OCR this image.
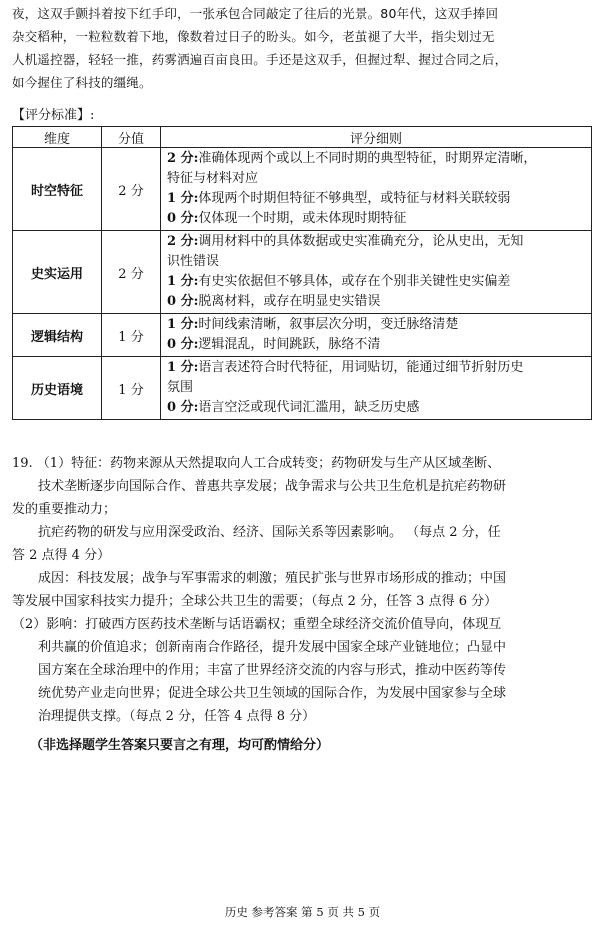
夜，这双手颤抖着按下红手印，一张承包合同敲定了往后的光景。80年代，这双手捧回
杂交稻种，一粒粒数着下地，像数着过日子的盼头。如今，老茧褪了大半，指尖划过无
人机遥控器，轻轻一推，药雾洒遍百亩良田。手还是这双手，但握过犁、握过合同之后，
如今握住了科技的缰绳。
【评分标准】:
维度	分值	评分细则
时空特征	2 分	2 分:准确体现两个或以上不同时期的典型特征，时期界定清晰，
特征与材料对应
1 分:体现两个时期但特征不够典型，或特征与材料关联较弱
0 分:仅体现一个时期，或未体现时期特征

史实运用	2 分	2 分:调用材料中的具体数据或史实准确充分，论从史出，无知
识性错误
1 分:有史实依据但不够具体，或存在个别非关键性史实偏差
0 分:脱离材料，或存在明显史实错误

逻辑结构	1 分	1 分:时间线索清晰，叙事层次分明，变迁脉络清楚
0 分:逻辑混乱，时间跳跃，脉络不清

历史语境	1 分	1 分:语言表述符合时代特征，用词贴切，能通过细节折射历史
氛围
0 分:语言空泛或现代词汇滥用，缺乏历史感

19. （1）特征：药物来源从天然提取向人工合成转变；药物研发与生产从区域垄断、

技术垄断逐步向国际合作、普惠共享发展；战争需求与公共卫生危机是抗疟药物研

发的重要推动力；

抗疟药物的研发与应用深受政治、经济、国际关系等因素影响。 （每点 2 分，任

答 2 点得 4 分）

成因：科技发展；战争与军事需求的刺激；殖民扩张与世界市场形成的推动；中国

等发展中国家科技实力提升；全球公共卫生的需要；（每点 2 分，任答 3 点得 6 分）

（2）影响：打破西方医药技术垄断与话语霸权；重塑全球经济交流价值导向，体现互

利共赢的价值追求；创新南南合作路径，提升发展中国家全球产业链地位；凸显中

国方案在全球治理中的作用；丰富了世界经济交流的内容与形式，推动中医药等传

统优势产业走向世界；促进全球公共卫生领域的国际合作，为发展中国家参与全球

治理提供支撑。（每点 2 分，任答 4 点得 8 分）

（非选择题学生答案只要言之有理，均可酌情给分）
历史 参考答案 第 5 页 共 5 页
